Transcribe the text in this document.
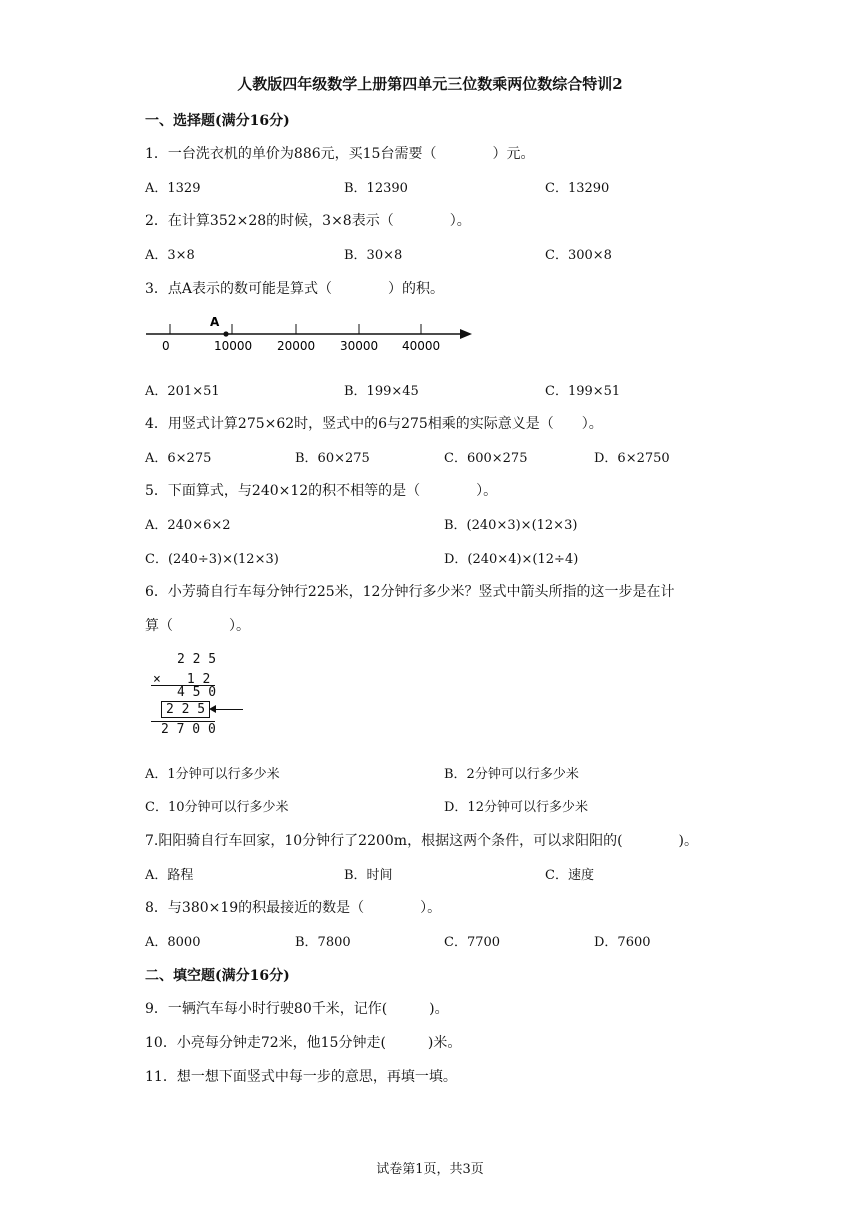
人教版四年级数学上册第四单元三位数乘两位数综合特训2
一、选择题(满分16分)
1．一台洗衣机的单价为886元，买15台需要（　　　　）元。
A．1329	B．12390	C．13290
2．在计算352×28的时候，3×8表示（　　　　）。
A．3×8	B．30×8	C．300×8
3．点A表示的数可能是算式（　　　　）的积。
A
0	10000 20000 30000 40000
A．201×51	B．199×45	C．199×51
4．用竖式计算275×62时，竖式中的6与275相乘的实际意义是（　　）。
A．6×275	B．60×275	C．600×275	D．6×2750
5．下面算式，与240×12的积不相等的是（　　　　）。
A．240×6×2	B．(240×3)×(12×3)
C．(240÷3)×(12×3)	D．(240×4)×(12÷4)
6．小芳骑自行车每分钟行225米，12分钟行多少米？竖式中箭头所指的这一步是在计
算（　　　　）。

2 2 5

×　　1 2

4 5 0

2 2 5

2 7 0 0

A．1分钟可以行多少米	B．2分钟可以行多少米
C．10分钟可以行多少米	D．12分钟可以行多少米
7.阳阳骑自行车回家，10分钟行了2200m，根据这两个条件，可以求阳阳的(　　　　)。
A．路程	B．时间	C．速度
8．与380×19的积最接近的数是（　　　　）。
A．8000	B．7800	C．7700	D．7600
二、填空题(满分16分)
9．一辆汽车每小时行驶80千米，记作(　　　)。
10．小亮每分钟走72米，他15分钟走(　　　)米。
11．想一想下面竖式中每一步的意思，再填一填。
试卷第1页，共3页
